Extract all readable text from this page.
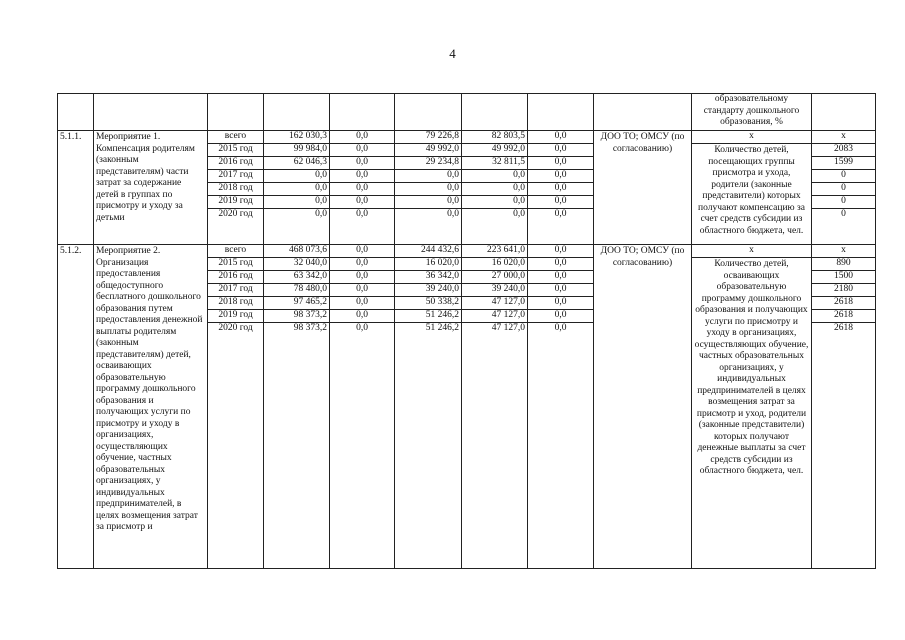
4
									образовательному стандарту дошкольного образования, %	
5.1.1.	Мероприятие 1. Компенсация родителям (законным представителям) части затрат за содержание детей в группах по присмотру и уходу за детьми	всего	162 030,3	0,0	79 226,8	82 803,5	0,0	ДОО ТО; ОМСУ (по согласованию)	х	х
		2015 год	99 984,0	0,0	49 992,0	49 992,0	0,0		Количество детей, посещающих группы присмотра и ухода, родители (законные представители) которых получают компенсацию за счет средств субсидии из областного бюджета, чел.	2083
		2016 год	62 046,3	0,0	29 234,8	32 811,5	0,0			1599
		2017 год	0,0	0,0	0,0	0,0	0,0			0
		2018 год	0,0	0,0	0,0	0,0	0,0			0
		2019 год	0,0	0,0	0,0	0,0	0,0			0
		2020 год	0,0	0,0	0,0	0,0	0,0			0
5.1.2.	Мероприятие 2. Организация предоставления общедоступного бесплатного дошкольного образования путем предоставления денежной выплаты родителям (законным представителям) детей, осваивающих образовательную программу дошкольного образования и получающих услуги по присмотру и уходу в организациях, осуществляющих обучение, частных образовательных организациях, у индивидуальных предпринимателей, в целях возмещения затрат за присмотр и	всего	468 073,6	0,0	244 432,6	223 641,0	0,0	ДОО ТО; ОМСУ (по согласованию)	х	х
		2015 год	32 040,0	0,0	16 020,0	16 020,0	0,0		Количество детей, осваивающих образовательную программу дошкольного образования и получающих услуги по присмотру и уходу в организациях, осуществляющих обучение, частных образовательных организациях, у индивидуальных предпринимателей в целях возмещения затрат за присмотр и уход, родители (законные представители) которых получают денежные выплаты за счет средств субсидии из областного бюджета, чел.	890
		2016 год	63 342,0	0,0	36 342,0	27 000,0	0,0			1500
		2017 год	78 480,0	0,0	39 240,0	39 240,0	0,0			2180
		2018 год	97 465,2	0,0	50 338,2	47 127,0	0,0			2618
		2019 год	98 373,2	0,0	51 246,2	47 127,0	0,0			2618
		2020 год	98 373,2	0,0	51 246,2	47 127,0	0,0			2618
